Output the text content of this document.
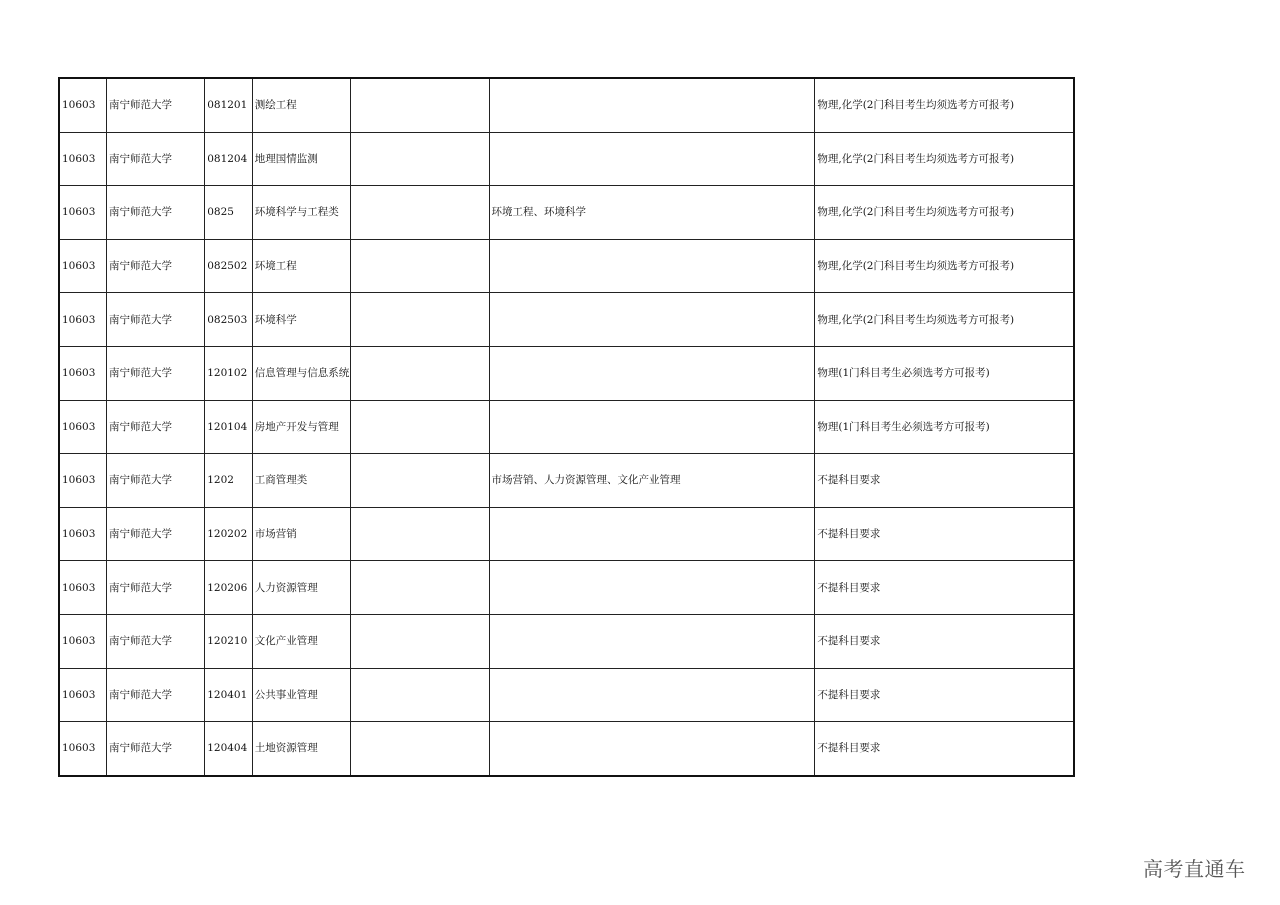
10603	南宁师范大学	081201	测绘工程			物理,化学(2门科目考生均须选考方可报考)
10603	南宁师范大学	081204	地理国情监测			物理,化学(2门科目考生均须选考方可报考)
10603	南宁师范大学	0825	环境科学与工程类		环境工程、环境科学	物理,化学(2门科目考生均须选考方可报考)
10603	南宁师范大学	082502	环境工程			物理,化学(2门科目考生均须选考方可报考)
10603	南宁师范大学	082503	环境科学			物理,化学(2门科目考生均须选考方可报考)
10603	南宁师范大学	120102	信息管理与信息系统			物理(1门科目考生必须选考方可报考)
10603	南宁师范大学	120104	房地产开发与管理			物理(1门科目考生必须选考方可报考)
10603	南宁师范大学	1202	工商管理类		市场营销、人力资源管理、文化产业管理	不提科目要求
10603	南宁师范大学	120202	市场营销			不提科目要求
10603	南宁师范大学	120206	人力资源管理			不提科目要求
10603	南宁师范大学	120210	文化产业管理			不提科目要求
10603	南宁师范大学	120401	公共事业管理			不提科目要求
10603	南宁师范大学	120404	土地资源管理			不提科目要求
高考直通车
